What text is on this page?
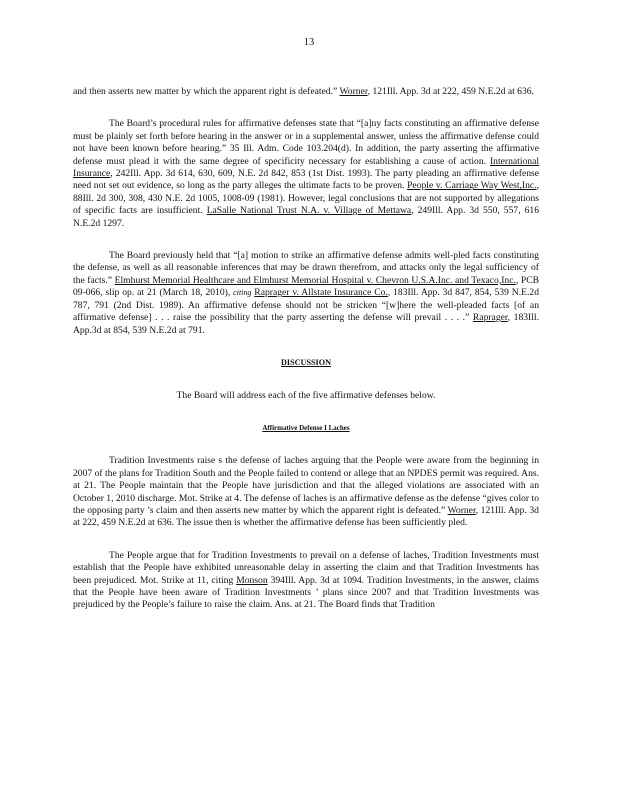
13

and then asserts new matter by which the apparent right is defeated.” Worner, 121Ill. App. 3d at 222, 459 N.E.2d at 636.

The Board’s procedural rules for affirmative defenses state that “[a]ny facts constituting an affirmative defense must be plainly set forth before hearing in the answer or in a supplemental answer, unless the affirmative defense could not have been known before hearing.” 35 Ill. Adm. Code 103.204(d). In addition, the party asserting the affirmative defense must plead it with the same degree of specificity necessary for establishing a cause of action. International Insurance, 242Ill. App. 3d 614, 630, 609, N.E. 2d 842, 853 (1st Dist. 1993). The party pleading an affirmative defense need not set out evidence, so long as the party alleges the ultimate facts to be proven. People v. Carriage Way West,Inc., 88Ill. 2d 300, 308, 430 N.E. 2d 1005, 1008-09 (1981). However, legal conclusions that are not supported by allegations of specific facts are insufficient. LaSalle National Trust N.A. v. Village of Mettawa, 249Ill. App. 3d 550, 557, 616 N.E.2d 1297.

The Board previously held that “[a] motion to strike an affirmative defense admits well-pled facts constituting the defense, as well as all reasonable inferences that may be drawn therefrom, and attacks only the legal sufficiency of the facts.” Elmhurst Memorial Healthcare and Elmhurst Memorial Hospital v. Chevron U.S.A.Inc. and Texaco,Inc., PCB 09-066, slip op. at 21 (March 18, 2010), citing Raprager v. Allstate Insurance Co., 183Ill. App. 3d 847, 854, 539 N.E.2d 787, 791 (2nd Dist. 1989). An affirmative defense should not be stricken “[w]here the well-pleaded facts [of an affirmative defense] . . . raise the possibility that the party asserting the defense will prevail . . . .” Raprager, 183Ill. App.3d at 854, 539 N.E.2d at 791.

DISCUSSION

The Board will address each of the five affirmative defenses below.

Affirmative Defense I Laches

Tradition Investments raise s the defense of laches arguing that the People were aware from the beginning in 2007 of the plans for Tradition South and the People failed to contend or allege that an NPDES permit was required. Ans. at 21. The People maintain that the People have jurisdiction and that the alleged violations are associated with an October 1, 2010 discharge. Mot. Strike at 4. The defense of laches is an affirmative defense as the defense “gives color to the opposing party ’s claim and then asserts new matter by which the apparent right is defeated.” Worner, 121Ill. App. 3d at 222, 459 N.E.2d at 636. The issue then is whether the affirmative defense has been sufficiently pled.

The People argue that for Tradition Investments to prevail on a defense of laches, Tradition Investments must establish that the People have exhibited unreasonable delay in asserting the claim and that Tradition Investments has been prejudiced. Mot. Strike at 11, citing Monson 394Ill. App. 3d at 1094. Tradition Investments, in the answer, claims that the People have been aware of Tradition Investments ’ plans since 2007 and that Tradition Investments was prejudiced by the People’s failure to raise the claim. Ans. at 21. The Board finds that Tradition
